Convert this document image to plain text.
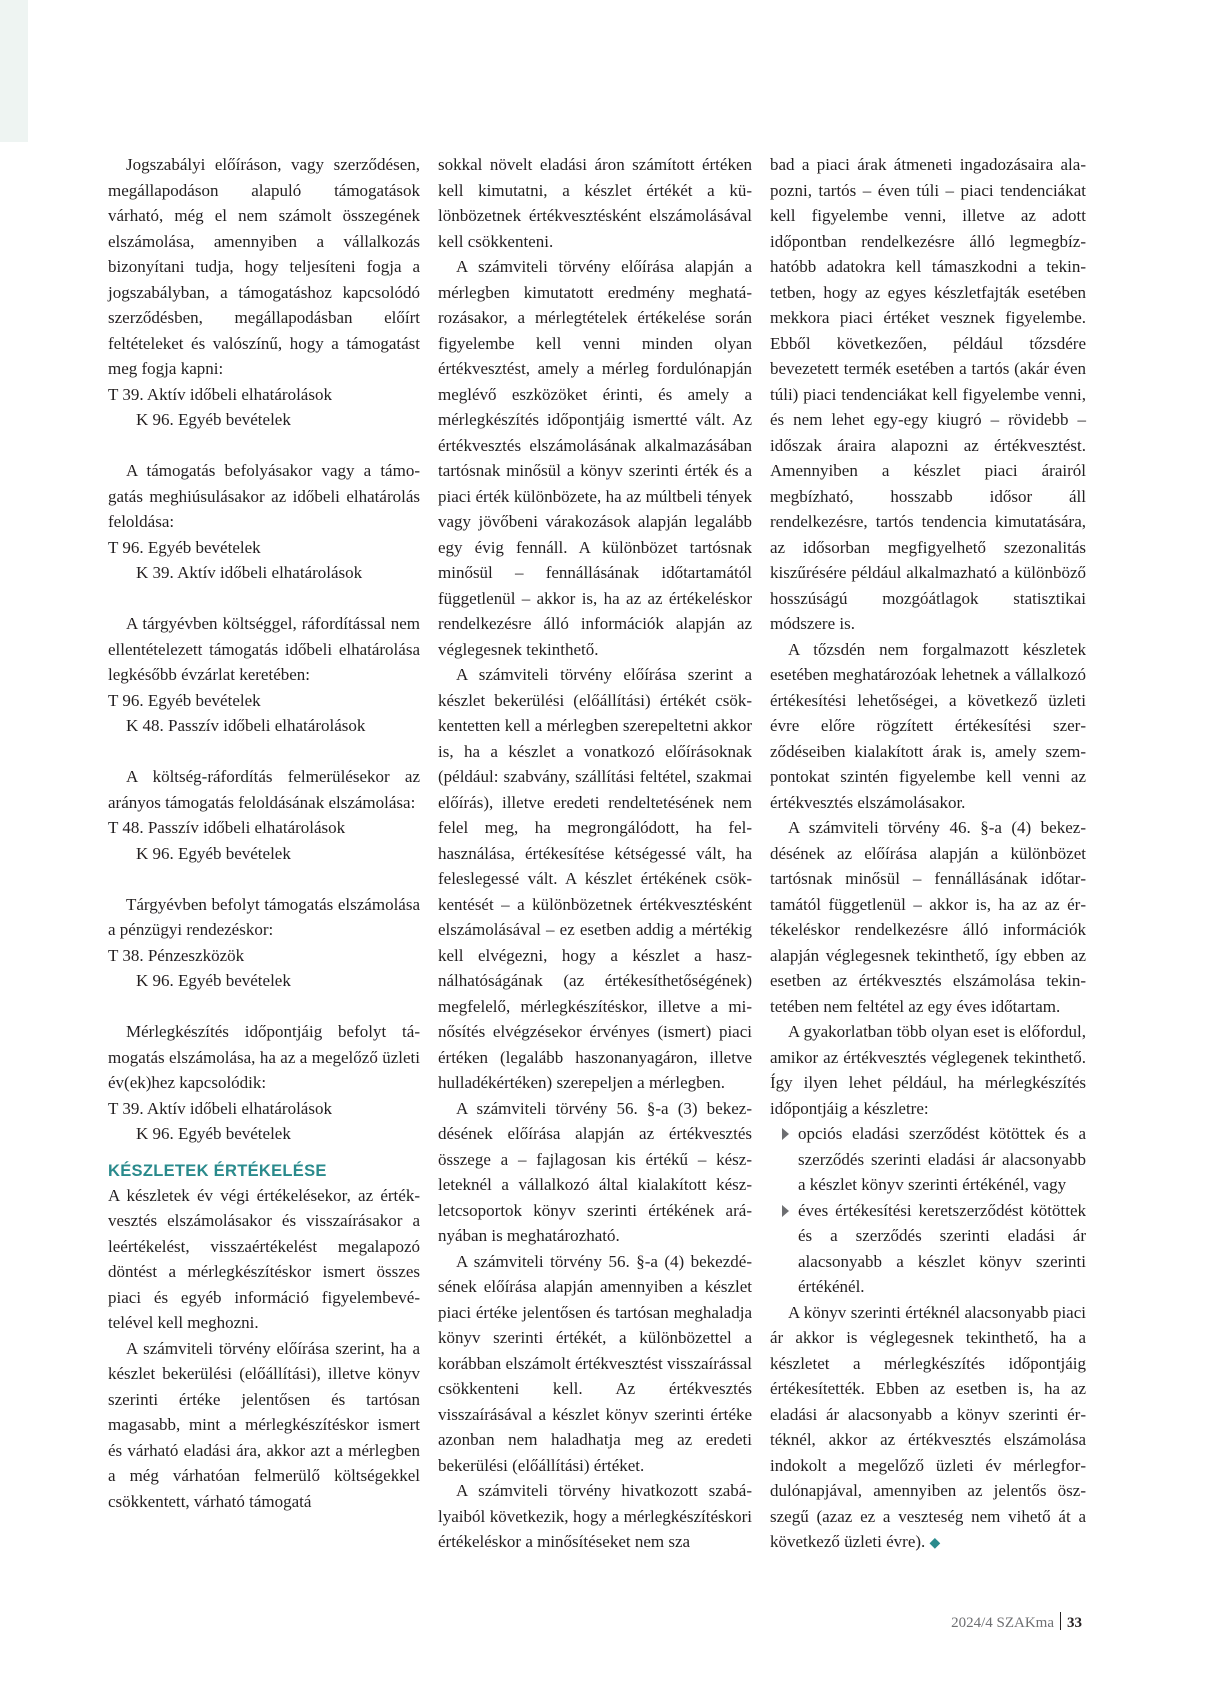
Jogszabályi előíráson, vagy szerződésen, megállapodáson alapuló támogatások várható, még el nem számolt összegének elszámolása, amennyiben a vállalkozás bizonyítani tudja, hogy teljesíteni fogja a jogszabályban, a támogatáshoz kapcsolódó szerződésben, megállapodásban előírt feltételeket és valószínű, hogy a támogatást meg fogja kapni:

T 39. Aktív időbeli elhatárolások

K 96. Egyéb bevételek

A támogatás befolyásakor vagy a támogatás meghiúsulásakor az időbeli elhatárolás feloldása:

T 96. Egyéb bevételek

K 39. Aktív időbeli elhatárolások

A tárgyévben költséggel, ráfordítással nem ellentételezett támogatás időbeli elhatárolása legkésőbb évzárlat keretében:

T 96. Egyéb bevételek

K 48. Passzív időbeli elhatárolások

A költség-ráfordítás felmerülésekor az arányos támogatás feloldásának elszámolása:

T 48. Passzív időbeli elhatárolások

K 96. Egyéb bevételek

Tárgyévben befolyt támogatás elszámolása a pénzügyi rendezéskor:

T 38. Pénzeszközök

K 96. Egyéb bevételek

Mérlegkészítés időpontjáig befolyt támogatás elszámolása, ha az a megelőző üzleti év(ek)hez kapcsolódik:

T 39. Aktív időbeli elhatárolások

K 96. Egyéb bevételek

KÉSZLETEK ÉRTÉKELÉSE

A készletek év végi értékelésekor, az értékvesztés elszámolásakor és visszaírásakor a leértékelést, visszaértékelést megalapozó döntést a mérlegkészítéskor ismert összes piaci és egyéb információ figyelembevételével kell meghozni.

A számviteli törvény előírása szerint, ha a készlet bekerülési (előállítási), illetve könyv szerinti értéke jelentősen és tartósan magasabb, mint a mérlegkészítéskor ismert és várható eladási ára, akkor azt a mérlegben a még várhatóan felmerülő költségekkel csökkentett, várható támogatá

sokkal növelt eladási áron számított értéken kell kimutatni, a készlet értékét a különbözetnek értékvesztésként elszámolásával kell csökkenteni.

A számviteli törvény előírása alapján a mérlegben kimutatott eredmény meghatározásakor, a mérlegtételek értékelése során figyelembe kell venni minden olyan értékvesztést, amely a mérleg fordulónapján meglévő eszközöket érinti, és amely a mérlegkészítés időpontjáig ismertté vált. Az értékvesztés elszámolásának alkalmazásában tartósnak minősül a könyv szerinti érték és a piaci érték különbözete, ha az múltbeli tények vagy jövőbeni várakozások alapján legalább egy évig fennáll. A különbözet tartósnak minősül – fennállásának időtartamától függetlenül – akkor is, ha az az értékeléskor rendelkezésre álló információk alapján az véglegesnek tekinthető.

A számviteli törvény előírása szerint a készlet bekerülési (előállítási) értékét csökkentetten kell a mérlegben szerepeltetni akkor is, ha a készlet a vonatkozó előírásoknak (például: szabvány, szállítási feltétel, szakmai előírás), illetve eredeti rendeltetésének nem felel meg, ha megrongálódott, ha felhasználása, értékesítése kétségessé vált, ha feleslegessé vált. A készlet értékének csökkentését – a különbözetnek értékvesztésként elszámolásával – ez esetben addig a mértékig kell elvégezni, hogy a készlet a használhatóságának (az értékesíthetőségének) megfelelő, mérlegkészítéskor, illetve a minősítés elvégzésekor érvényes (ismert) piaci értéken (legalább haszonanyagáron, illetve hulladékértéken) szerepeljen a mérlegben.

A számviteli törvény 56. §-a (3) bekezdésének előírása alapján az értékvesztés összege a – fajlagosan kis értékű – készleteknél a vállalkozó által kialakított készletcsoportok könyv szerinti értékének arányában is meghatározható.

A számviteli törvény 56. §-a (4) bekezdésének előírása alapján amennyiben a készlet piaci értéke jelentősen és tartósan meghaladja könyv szerinti értékét, a különbözettel a korábban elszámolt értékvesztést visszaírással csökkenteni kell. Az értékvesztés visszaírásával a készlet könyv szerinti értéke azonban nem haladhatja meg az eredeti bekerülési (előállítási) értéket.

A számviteli törvény hivatkozott szabályaiból következik, hogy a mérlegkészítéskori értékeléskor a minősítéseket nem sza

bad a piaci árak átmeneti ingadozásaira alapozni, tartós – éven túli – piaci tendenciákat kell figyelembe venni, illetve az adott időpontban rendelkezésre álló legmegbízhatóbb adatokra kell támaszkodni a tekintetben, hogy az egyes készletfajták esetében mekkora piaci értéket vesznek figyelembe. Ebből következően, például tőzsdére bevezetett termék esetében a tartós (akár éven túli) piaci tendenciákat kell figyelembe venni, és nem lehet egy-egy kiugró – rövidebb – időszak áraira alapozni az értékvesztést. Amennyiben a készlet piaci árairól megbízható, hosszabb idősor áll rendelkezésre, tartós tendencia kimutatására, az idősorban megfigyelhető szezonalitás kiszűrésére például alkalmazható a különböző hosszúságú mozgóátlagok statisztikai módszere is.

A tőzsdén nem forgalmazott készletek esetében meghatározóak lehetnek a vállalkozó értékesítési lehetőségei, a következő üzleti évre előre rögzített értékesítési szerződéseiben kialakított árak is, amely szempontokat szintén figyelembe kell venni az értékvesztés elszámolásakor.

A számviteli törvény 46. §-a (4) bekezdésének az előírása alapján a különbözet tartósnak minősül – fennállásának időtartamától függetlenül – akkor is, ha az az értékeléskor rendelkezésre álló információk alapján véglegesnek tekinthető, így ebben az esetben az értékvesztés elszámolása tekintetében nem feltétel az egy éves időtartam.

A gyakorlatban több olyan eset is előfordul, amikor az értékvesztés véglegenek tekinthető. Így ilyen lehet például, ha mérlegkészítés időpontjáig a készletre:

opciós eladási szerződést kötöttek és a szerződés szerinti eladási ár alacsonyabb a készlet könyv szerinti értékénél, vagy

éves értékesítési keretszerződést kötöttek és a szerződés szerinti eladási ár alacsonyabb a készlet könyv szerinti értékénél.

A könyv szerinti értéknél alacsonyabb piaci ár akkor is véglegesnek tekinthető, ha a készletet a mérlegkészítés időpontjáig értékesítették. Ebben az esetben is, ha az eladási ár alacsonyabb a könyv szerinti értéknél, akkor az értékvesztés elszámolása indokolt a megelőző üzleti év mérlegfordulónapjával, amennyiben az jelentős öszszegű (azaz ez a veszteség nem vihető át a következő üzleti évre). ◆

2024/4 SZAKma 33
